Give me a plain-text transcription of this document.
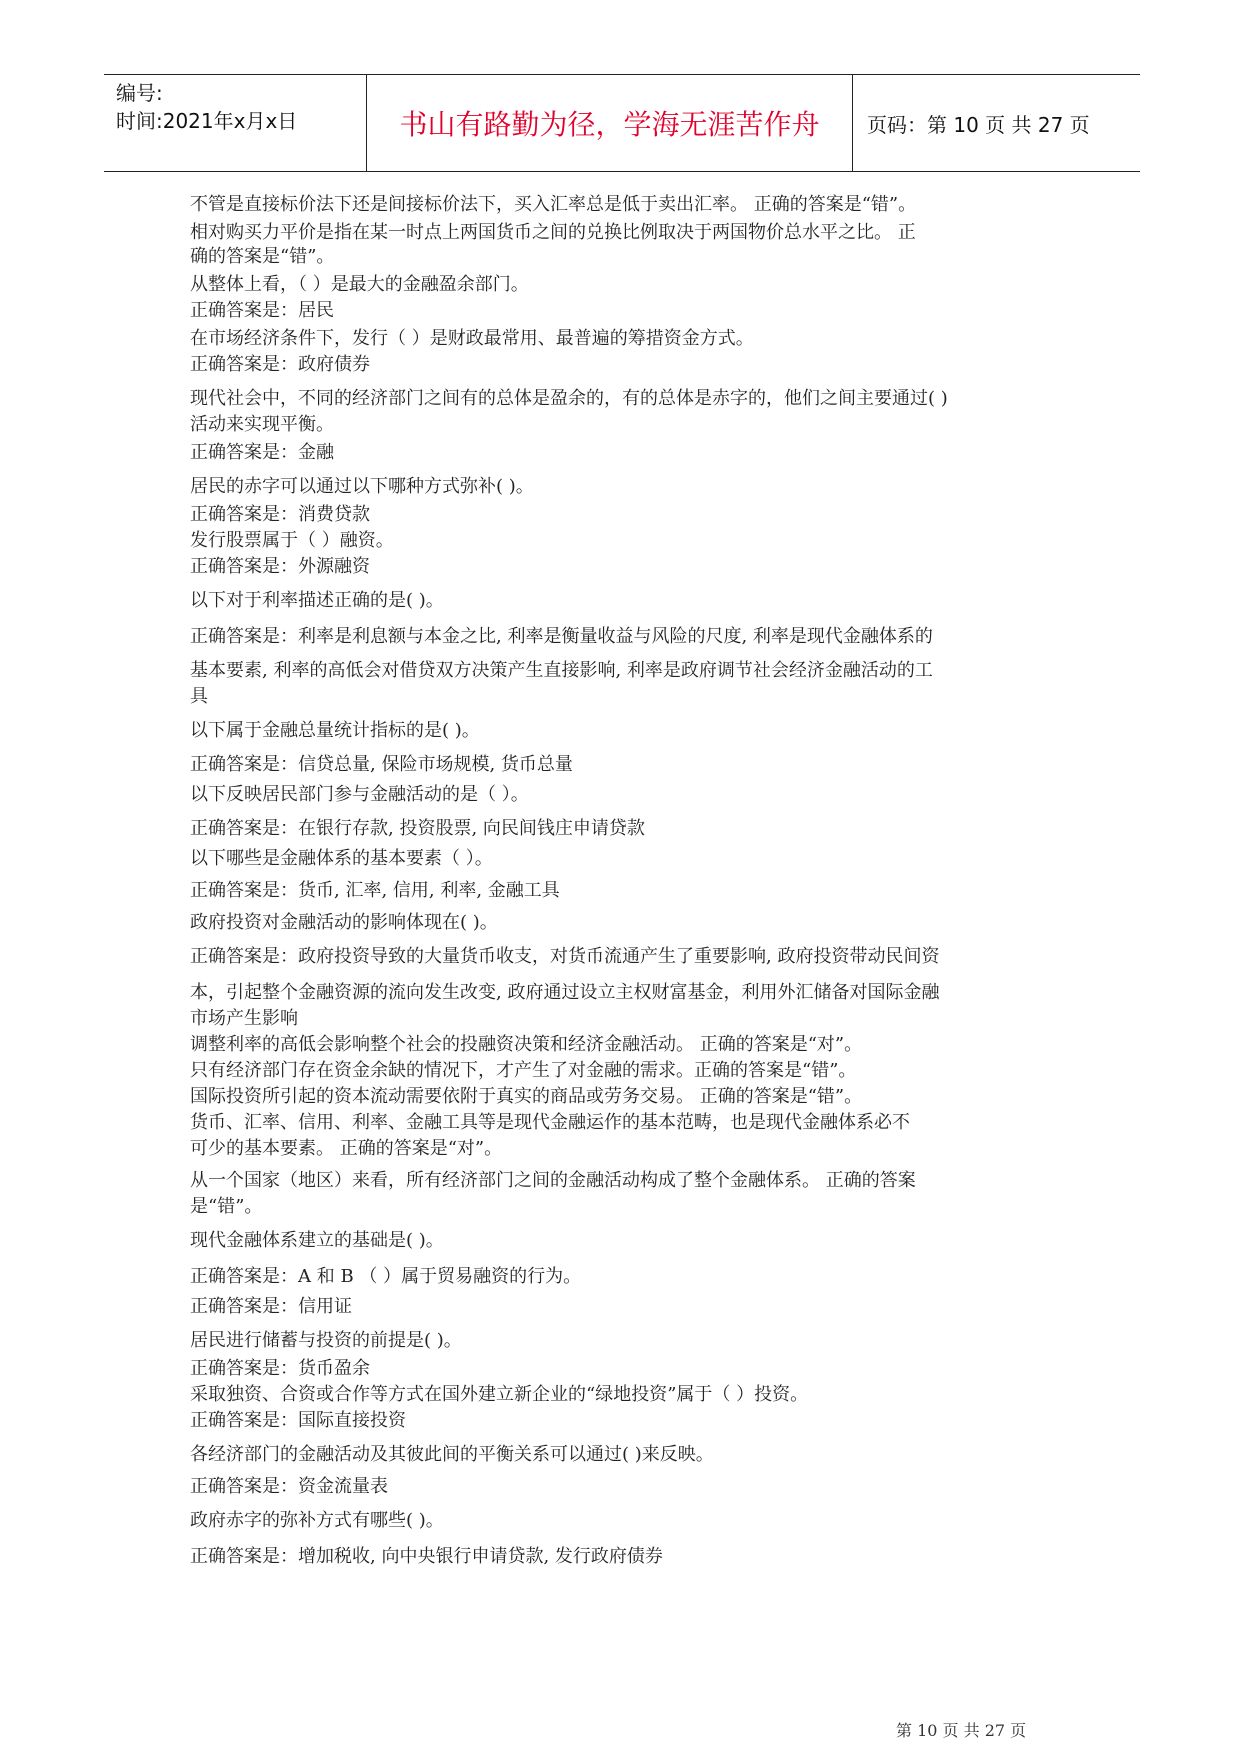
编号:
时间:2021年x月x日	书山有路勤为径，学海无涯苦作舟	页码：第 10 页 共 27 页
不管是直接标价法下还是间接标价法下，买入汇率总是低于卖出汇率。 正确的答案是“错”。
相对购买力平价是指在某一时点上两国货币之间的兑换比例取决于两国物价总水平之比。 正
确的答案是“错”。
从整体上看，（ ）是最大的金融盈余部门。
正确答案是：居民
在市场经济条件下，发行（ ）是财政最常用、最普遍的筹措资金方式。
正确答案是：政府债券
现代社会中，不同的经济部门之间有的总体是盈余的，有的总体是赤字的，他们之间主要通过( )
活动来实现平衡。
正确答案是：金融
居民的赤字可以通过以下哪种方式弥补( )。
正确答案是：消费贷款
发行股票属于（ ）融资。
正确答案是：外源融资
以下对于利率描述正确的是( )。
正确答案是：利率是利息额与本金之比, 利率是衡量收益与风险的尺度, 利率是现代金融体系的
基本要素, 利率的高低会对借贷双方决策产生直接影响, 利率是政府调节社会经济金融活动的工
具
以下属于金融总量统计指标的是( )。
正确答案是：信贷总量, 保险市场规模, 货币总量
以下反映居民部门参与金融活动的是（ ）。
正确答案是：在银行存款, 投资股票, 向民间钱庄申请贷款
以下哪些是金融体系的基本要素（ ）。
正确答案是：货币, 汇率, 信用, 利率, 金融工具
政府投资对金融活动的影响体现在( )。
正确答案是：政府投资导致的大量货币收支，对货币流通产生了重要影响, 政府投资带动民间资
本，引起整个金融资源的流向发生改变, 政府通过设立主权财富基金，利用外汇储备对国际金融
市场产生影响
调整利率的高低会影响整个社会的投融资决策和经济金融活动。 正确的答案是“对”。
只有经济部门存在资金余缺的情况下，才产生了对金融的需求。正确的答案是“错”。
国际投资所引起的资本流动需要依附于真实的商品或劳务交易。 正确的答案是“错”。
货币、汇率、信用、利率、金融工具等是现代金融运作的基本范畴，也是现代金融体系必不
可少的基本要素。 正确的答案是“对”。
从一个国家（地区）来看，所有经济部门之间的金融活动构成了整个金融体系。 正确的答案
是“错”。
现代金融体系建立的基础是( )。
正确答案是：A 和 B （ ）属于贸易融资的行为。
正确答案是：信用证
居民进行储蓄与投资的前提是( )。
正确答案是：货币盈余
采取独资、合资或合作等方式在国外建立新企业的“绿地投资”属于（ ）投资。
正确答案是：国际直接投资
各经济部门的金融活动及其彼此间的平衡关系可以通过( )来反映。
正确答案是：资金流量表
政府赤字的弥补方式有哪些( )。
正确答案是：增加税收, 向中央银行申请贷款, 发行政府债券
第 10 页 共 27 页
